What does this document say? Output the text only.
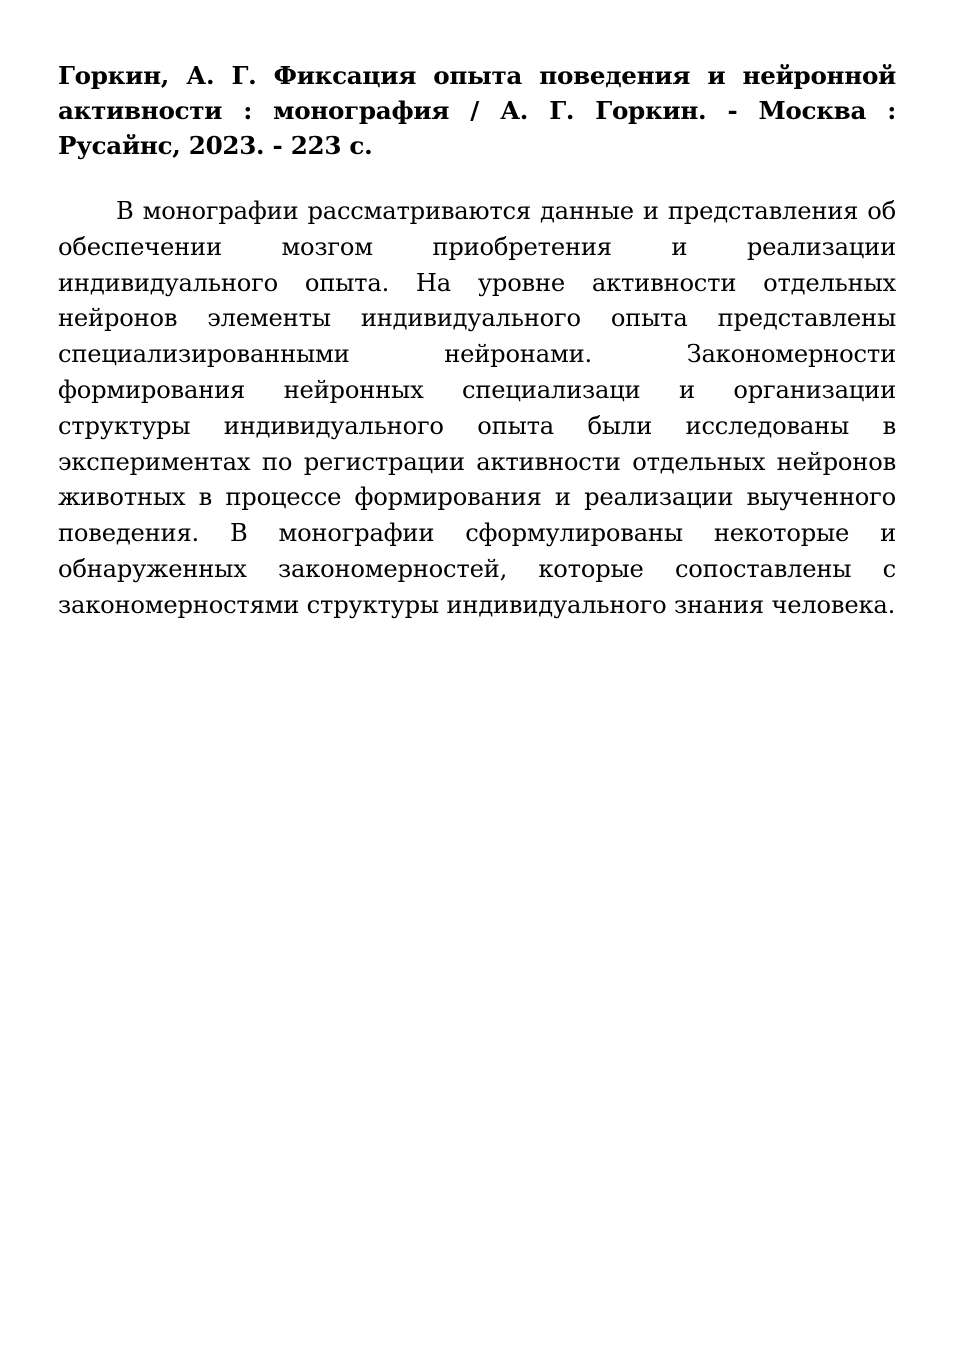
Горкин, А. Г. Фиксация опыта поведения и нейронной активности : монография / А. Г. Горкин. - Москва : Русайнс, 2023. - 223 с.

В монографии рассматриваются данные и представления об обеспечении мозгом приобретения и реализации индивидуального опыта. На уровне активности отдельных нейронов элементы индивидуального опыта представлены специализированными нейронами. Закономерности формирования нейронных специализаци и организации структуры индивидуального опыта были исследованы в экспериментах по регистрации активности отдельных нейронов животных в процессе формирования и реализации выученного поведения. В монографии сформулированы некоторые и обнаруженных закономерностей, которые сопоставлены с закономерностями структуры индивидуального знания человека.
